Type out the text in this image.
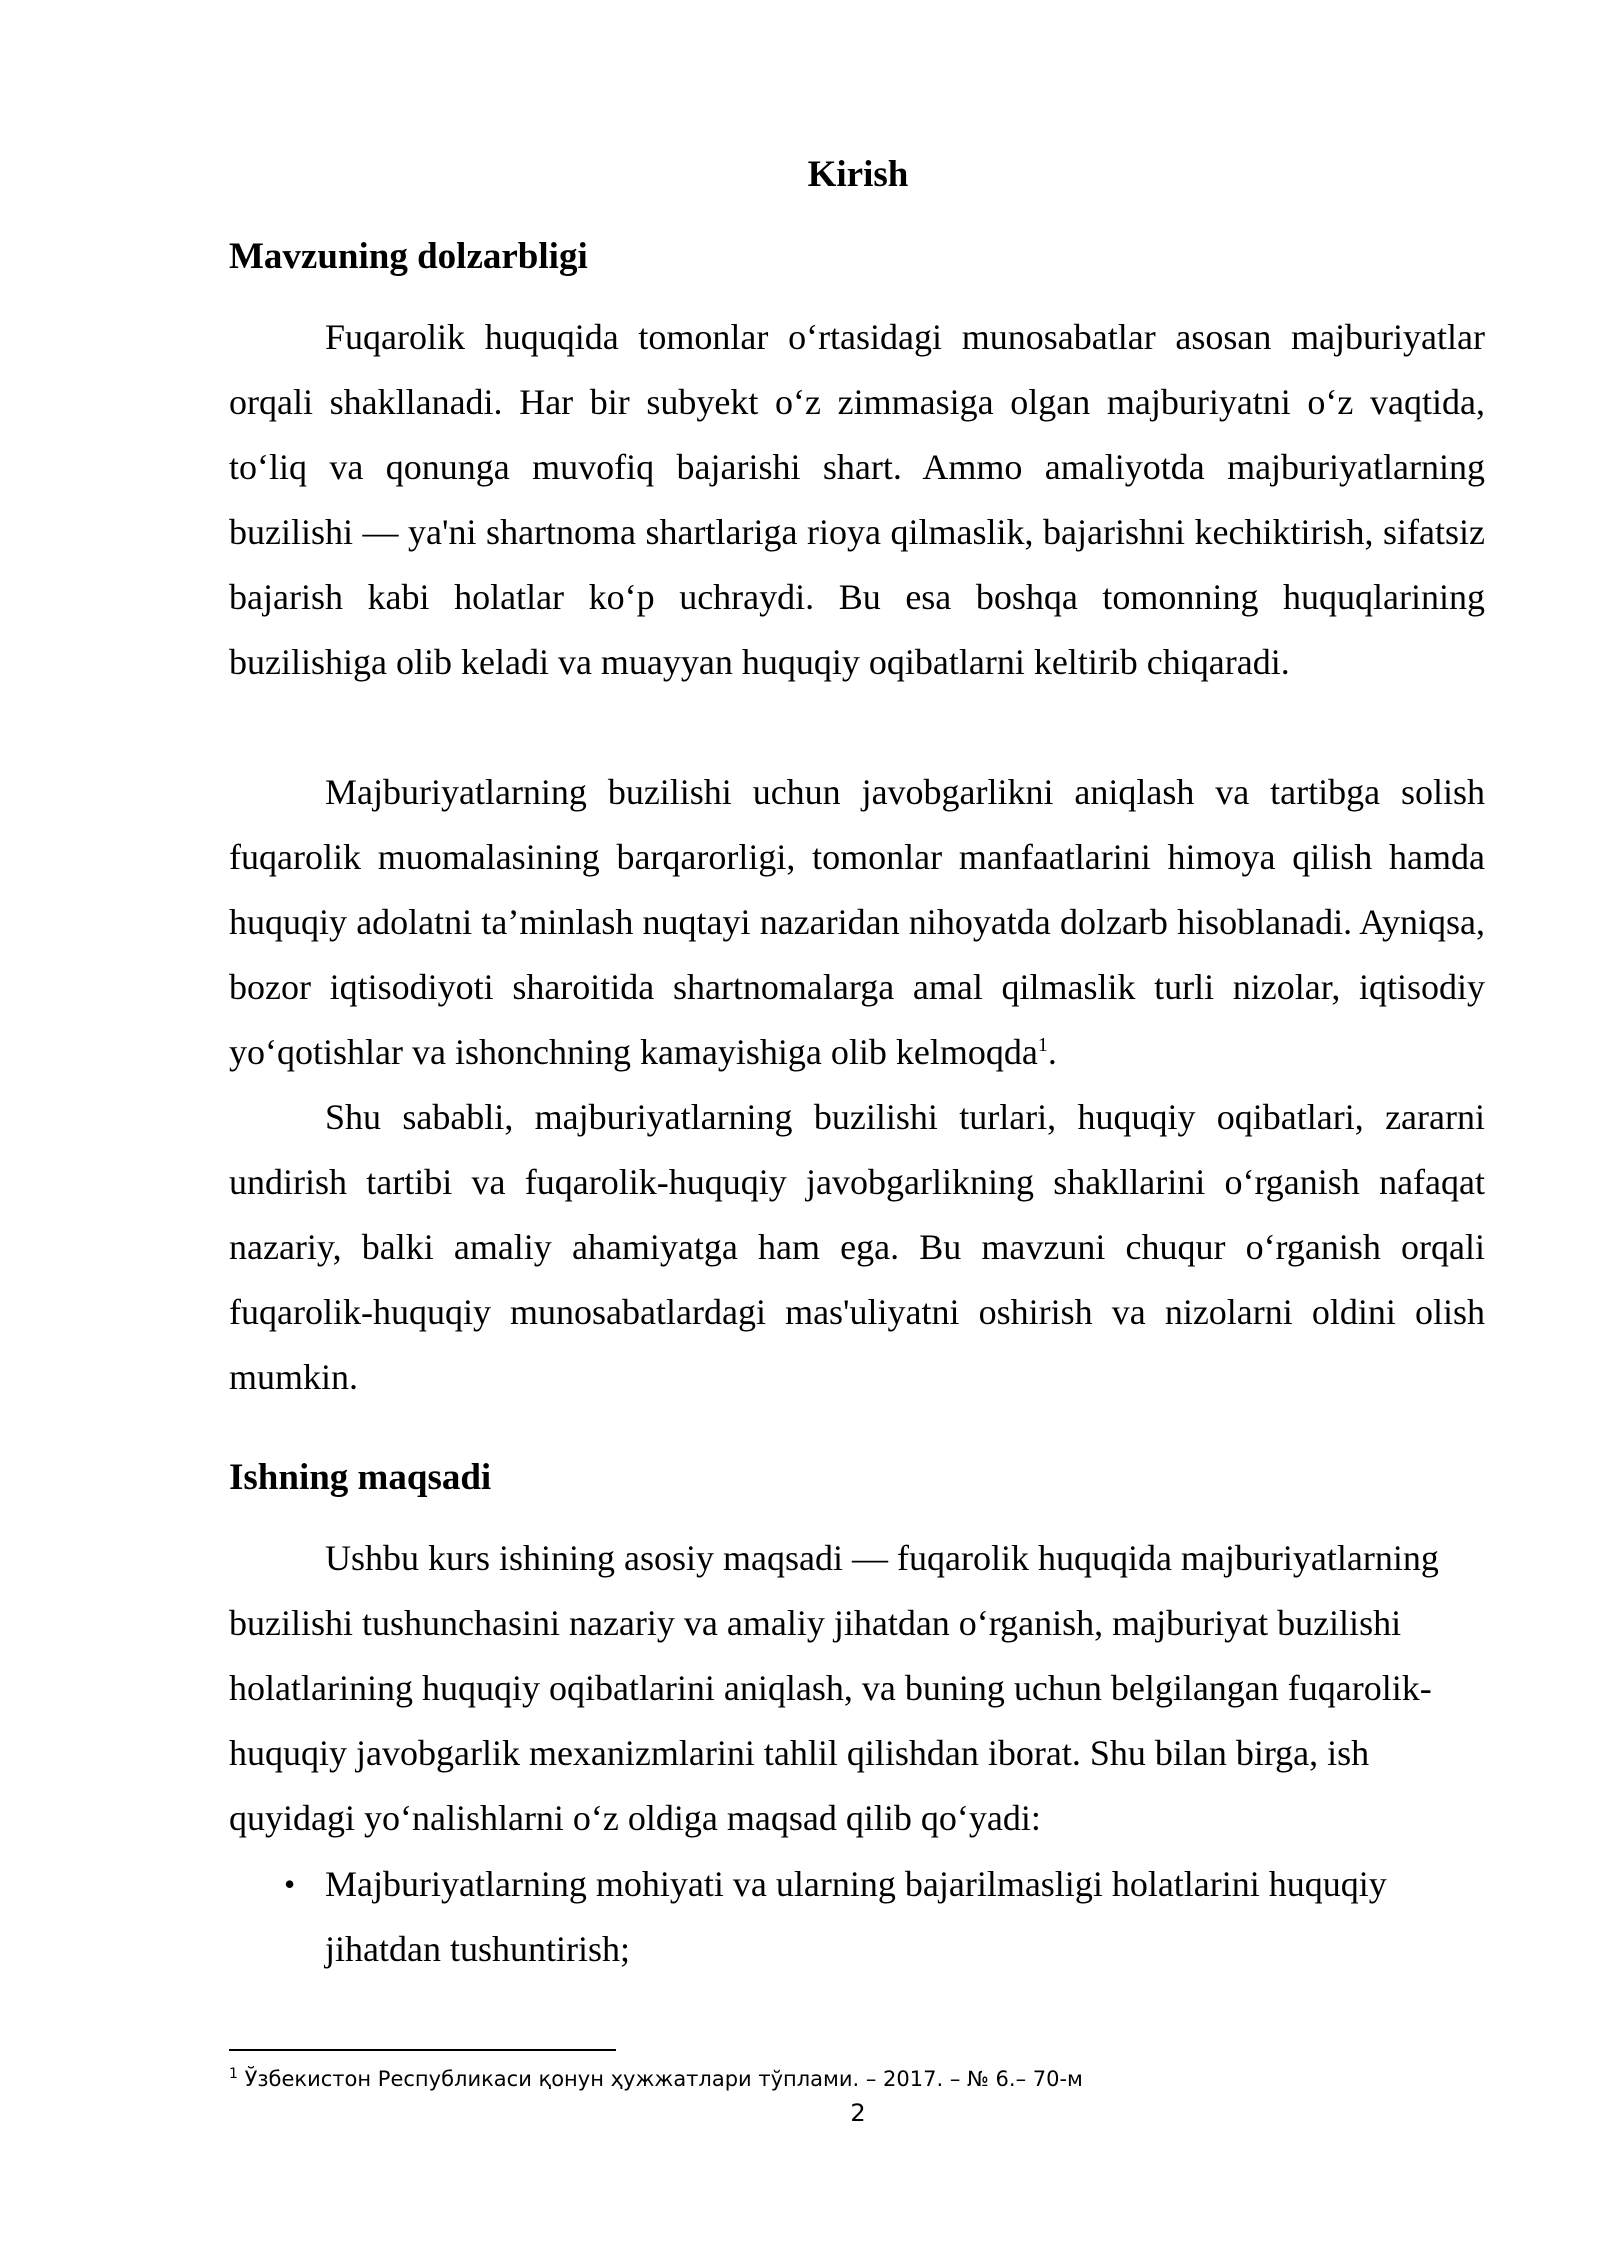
Kirish
Mavzuning dolzarbligi

Fuqarolik huquqida tomonlar o‘rtasidagi munosabatlar asosan majburiyatlar orqali shakllanadi. Har bir subyekt o‘z zimmasiga olgan majburiyatni o‘z vaqtida, to‘liq va qonunga muvofiq bajarishi shart. Ammo amaliyotda majburiyatlarning buzilishi — ya'ni shartnoma shartlariga rioya qilmaslik, bajarishni kechiktirish, sifatsiz bajarish kabi holatlar ko‘p uchraydi. Bu esa boshqa tomonning huquqlarining buzilishiga olib keladi va muayyan huquqiy oqibatlarni keltirib chiqaradi.

Majburiyatlarning buzilishi uchun javobgarlikni aniqlash va tartibga solish fuqarolik muomalasining barqarorligi, tomonlar manfaatlarini himoya qilish hamda huquqiy adolatni ta’minlash nuqtayi nazaridan nihoyatda dolzarb hisoblanadi. Ayniqsa, bozor iqtisodiyoti sharoitida shartnomalarga amal qilmaslik turli nizolar, iqtisodiy yo‘qotishlar va ishonchning kamayishiga olib kelmoqda$^1$.

Shu sababli, majburiyatlarning buzilishi turlari, huquqiy oqibatlari, zararni undirish tartibi va fuqarolik-huquqiy javobgarlikning shakllarini o‘rganish nafaqat nazariy, balki amaliy ahamiyatga ham ega. Bu mavzuni chuqur o‘rganish orqali fuqarolik-huquqiy munosabatlardagi mas'uliyatni oshirish va nizolarni oldini olish mumkin.

Ishning maqsadi

Ushbu kurs ishining asosiy maqsadi — fuqarolik huquqida majburiyatlarning buzilishi tushunchasini nazariy va amaliy jihatdan o‘rganish, majburiyat buzilishi holatlarining huquqiy oqibatlarini aniqlash, va buning uchun belgilangan fuqarolik-huquqiy javobgarlik mexanizmlarini tahlil qilishdan iborat. Shu bilan birga, ish quyidagi yo‘nalishlarni o‘z oldiga maqsad qilib qo‘yadi:

• Majburiyatlarning mohiyati va ularning bajarilmasligi holatlarini huquqiy jihatdan tushuntirish;

$^1$ Ўзбекистон Республикаси қонун ҳужжатлари тўплами. – 2017. – № 6.– 70-м

2
